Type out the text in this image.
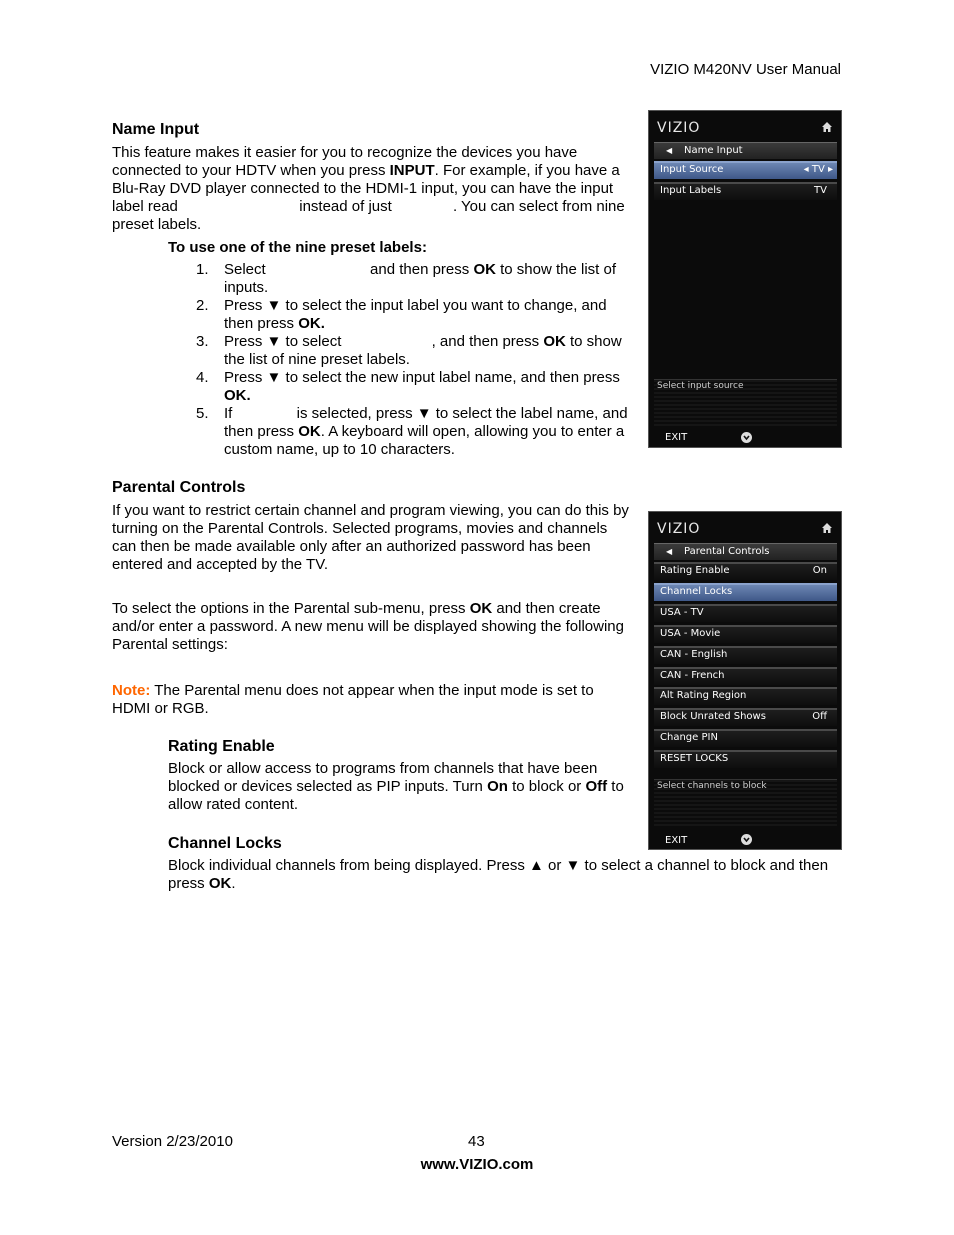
VIZIO M420NV User Manual
Name Input

This feature makes it easier for you to recognize the devices you have connected to your HDTV when you press INPUT. For example, if you have a Blu-Ray DVD player connected to the HDMI-1 input, you can have the input label read	instead of just	. You can select from nine preset labels.

To use one of the nine preset labels:
1. Select	and then press OK to show the list of inputs.
2. Press ▼ to select the input label you want to change, and then press OK.
3. Press ▼ to select	, and then press OK to show the list of nine preset labels.
4. Press ▼ to select the new input label name, and then press OK.
5. If	is selected, press ▼ to select the label name, and then press OK. A keyboard will open, allowing you to enter a custom name, up to 10 characters.
Parental Controls

If you want to restrict certain channel and program viewing, you can do this by turning on the Parental Controls. Selected programs, movies and channels can then be made available only after an authorized password has been entered and accepted by the TV.

To select the options in the Parental sub-menu, press OK and then create and/or enter a password. A new menu will be displayed showing the following Parental settings:

Note: The Parental menu does not appear when the input mode is set to HDMI or RGB.

Rating Enable

Block or allow access to programs from channels that have been blocked or devices selected as PIP inputs. Turn On to block or Off to allow rated content.

Channel Locks

Block individual channels from being displayed. Press ▲ or ▼ to select a channel to block and then press OK.

VIZIO
◀ Name Input
Input Source	◂ TV ▸
Input Labels	TV
Select input source
EXIT
VIZIO
◀ Parental Controls
Rating Enable	On
Channel Locks
USA - TV
USA - Movie
CAN - English
CAN - French
Alt Rating Region
Block Unrated Shows	Off
Change PIN
RESET LOCKS
Select channels to block
EXIT
Version 2/23/2010	43
www.VIZIO.com
